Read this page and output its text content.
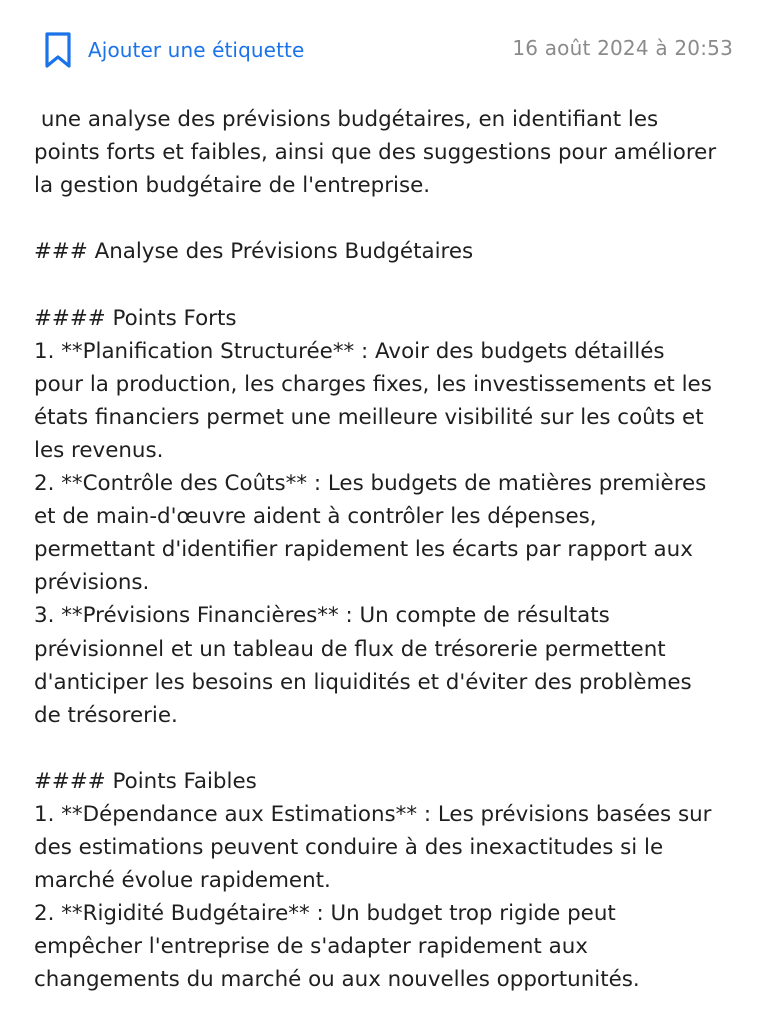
Ajouter une étiquette	16 août 2024 à 20:53
une analyse des prévisions budgétaires, en identifiant les
points forts et faibles, ainsi que des suggestions pour améliorer
la gestion budgétaire de l'entreprise.

### Analyse des Prévisions Budgétaires

#### Points Forts
1. **Planification Structurée** : Avoir des budgets détaillés
pour la production, les charges fixes, les investissements et les
états financiers permet une meilleure visibilité sur les coûts et
les revenus.
2. **Contrôle des Coûts** : Les budgets de matières premières
et de main-d'œuvre aident à contrôler les dépenses,
permettant d'identifier rapidement les écarts par rapport aux
prévisions.
3. **Prévisions Financières** : Un compte de résultats
prévisionnel et un tableau de flux de trésorerie permettent
d'anticiper les besoins en liquidités et d'éviter des problèmes
de trésorerie.

#### Points Faibles
1. **Dépendance aux Estimations** : Les prévisions basées sur
des estimations peuvent conduire à des inexactitudes si le
marché évolue rapidement.
2. **Rigidité Budgétaire** : Un budget trop rigide peut
empêcher l'entreprise de s'adapter rapidement aux
changements du marché ou aux nouvelles opportunités.
